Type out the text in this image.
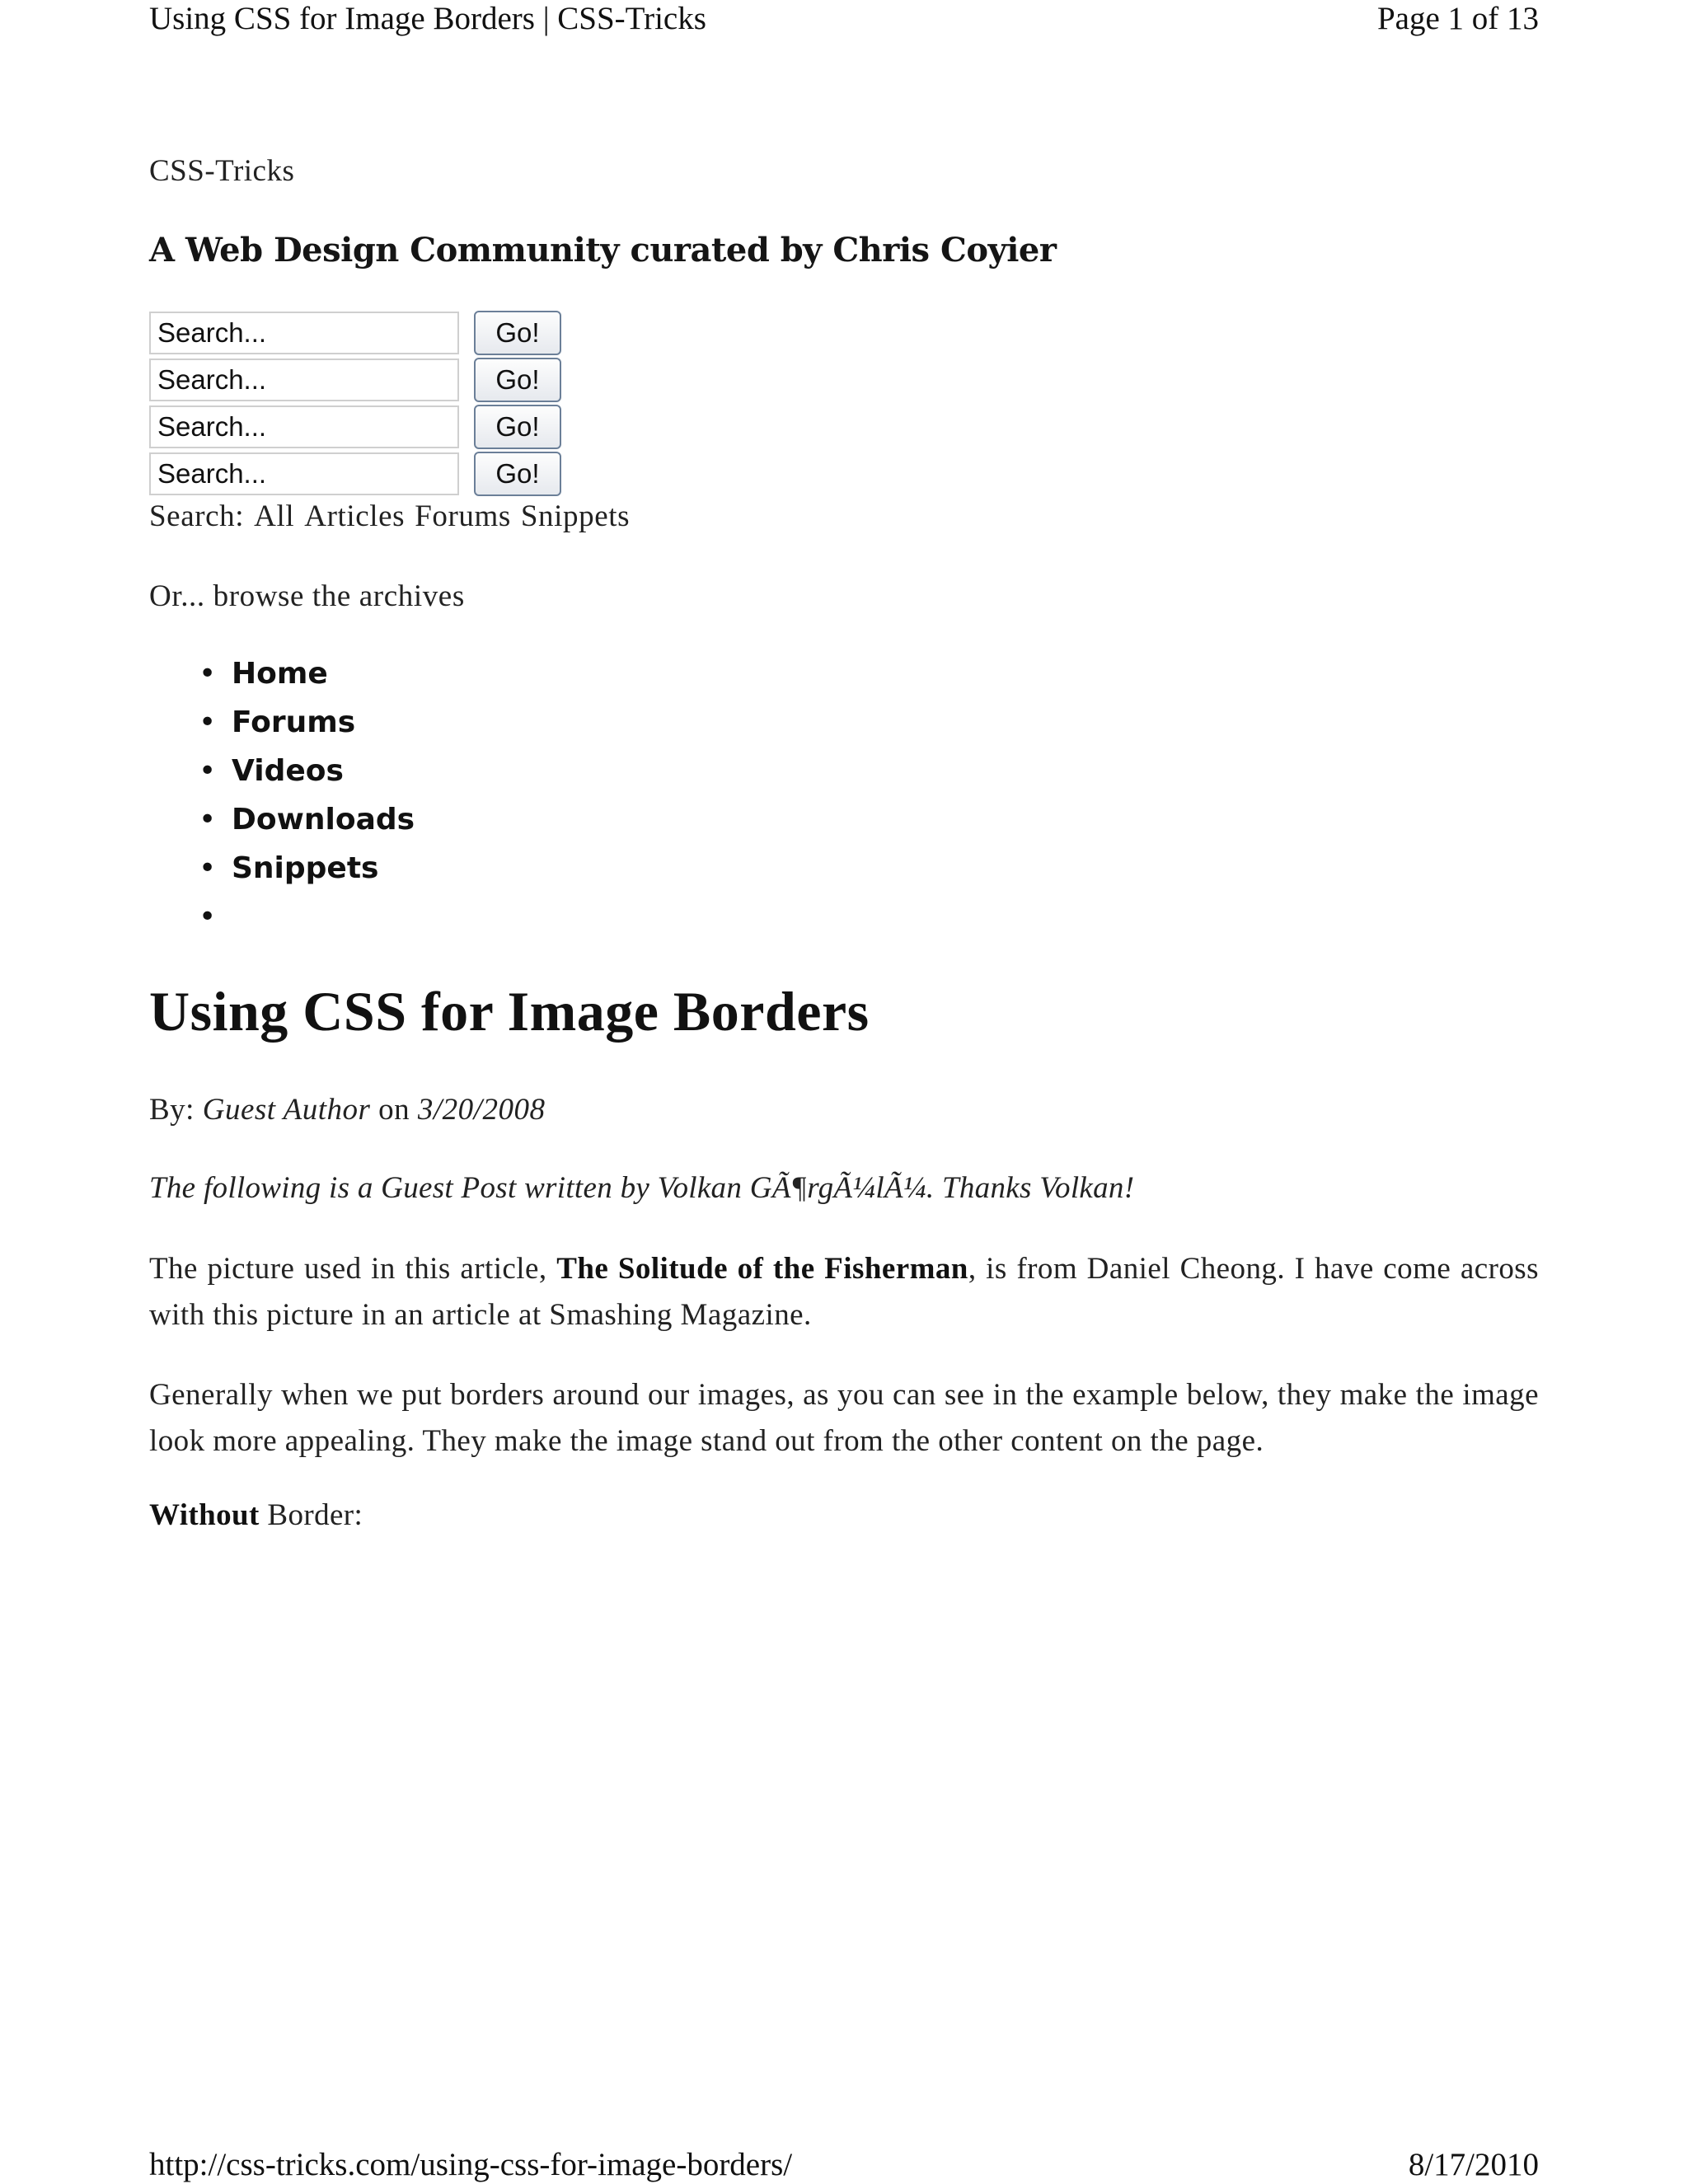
Using CSS for Image Borders | CSS-Tricks	Page 1 of 13
CSS-Tricks
A Web Design Community curated by Chris Coyier
Search...
Go!
Search...
Go!
Search...
Go!
Search...
Go!
Search: All Articles Forums Snippets
Or... browse the archives
Home
Forums
Videos
Downloads
Snippets
Using CSS for Image Borders
By: Guest Author on 3/20/2008
The following is a Guest Post written by Volkan GÃ¶rgÃ¼lÃ¼. Thanks Volkan!

The picture used in this article, The Solitude of the Fisherman, is from Daniel Cheong. I have come across with this picture in an article at Smashing Magazine.

Generally when we put borders around our images, as you can see in the example below, they make the image look more appealing. They make the image stand out from the other content on the page.

Without Border:
http://css-tricks.com/using-css-for-image-borders/	8/17/2010
